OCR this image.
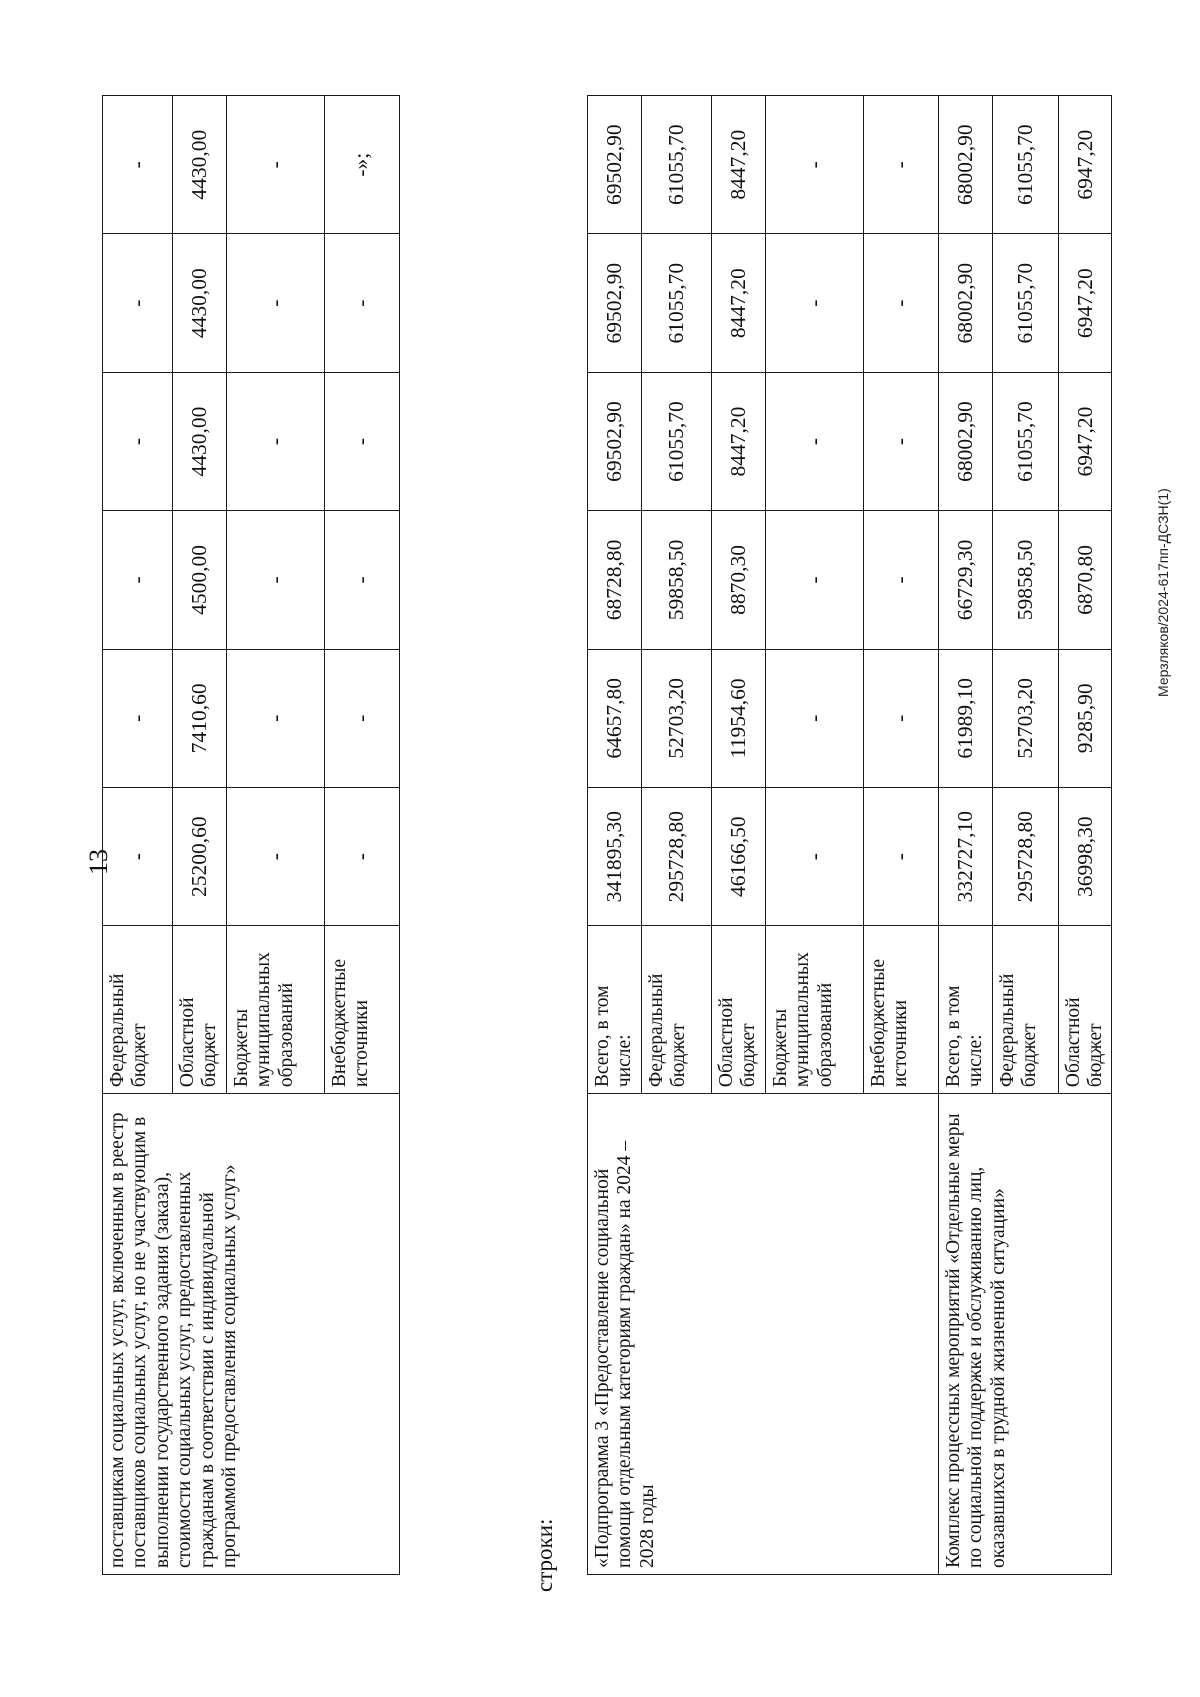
13
поставщикам социальных услуг, включенным в реестр поставщиков социальных услуг, но не участвующим в выполнении государственного задания (заказа), стоимости социальных услуг, предоставленных гражданам в соответствии с индивидуальной программой предоставления социальных услуг»	Федеральный бюджет	-	-	-	-	-	-
	Областной бюджет	25200,60	7410,60	4500,00	4430,00	4430,00	4430,00
	Бюджеты муниципальных образований	-	-	-	-	-	-
	Внебюджетные источники	-	-	-	-	-	-»;
строки: «Подпрограмма 3 «Предоставление социальной помощи отдельным категориям граждан» на 2024 – 2028 годы	Всего, в том числе:	341895,30	64657,80	68728,80	69502,90	69502,90	69502,90
	Федеральный бюджет	295728,80	52703,20	59858,50	61055,70	61055,70	61055,70
	Областной бюджет	46166,50	11954,60	8870,30	8447,20	8447,20	8447,20
	Бюджеты муниципальных образований	-	-	-	-	-	-
	Внебюджетные источники	-	-	-	-	-	-
Комплекс процессных мероприятий «Отдельные меры по социальной поддержке и обслуживанию лиц, оказавшихся в трудной жизненной ситуации»	Всего, в том числе:	332727,10	61989,10	66729,30	68002,90	68002,90	68002,90
	Федеральный бюджет	295728,80	52703,20	59858,50	61055,70	61055,70	61055,70
	Областной бюджет	36998,30	9285,90	6870,80	6947,20	6947,20	6947,20
Мерзляков/2024-617пп-ДСЗН(1)
